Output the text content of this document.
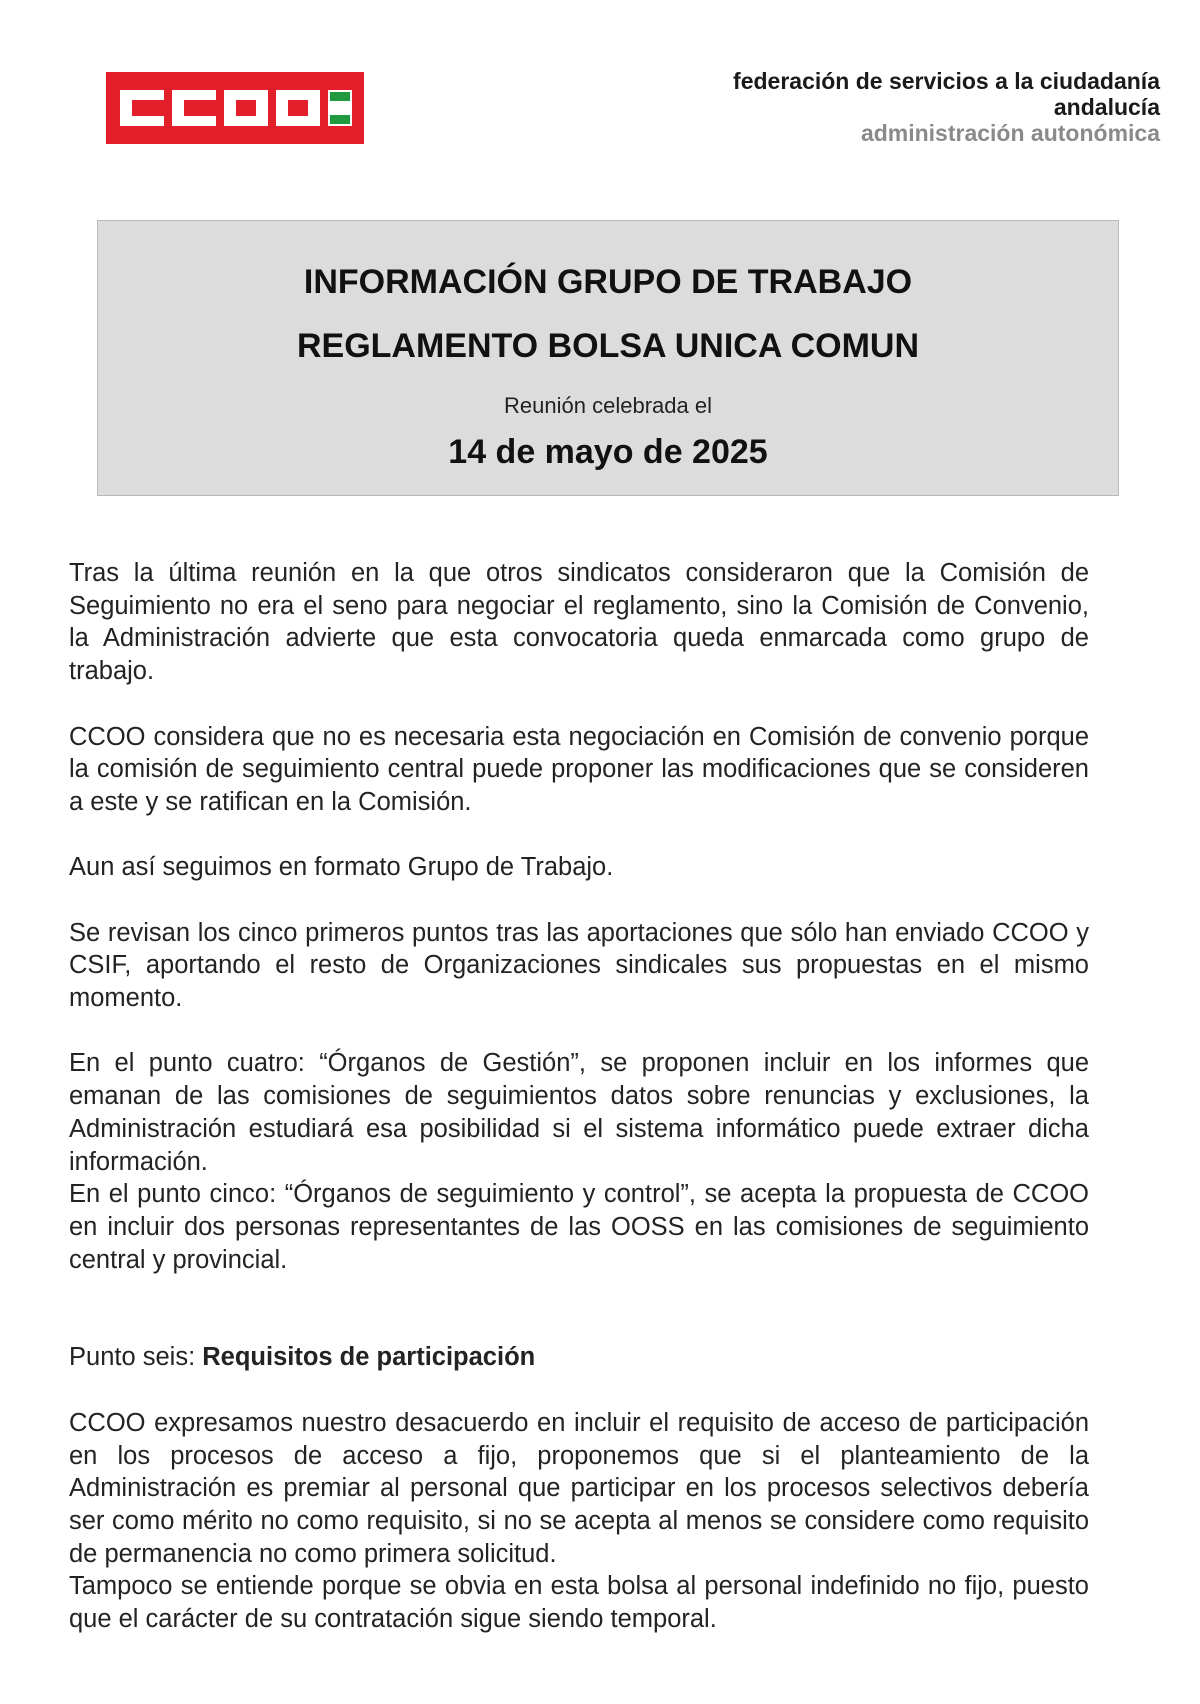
federación de servicios a la ciudadanía
andalucía
administración autonómica
INFORMACIÓN GRUPO DE TRABAJO
REGLAMENTO BOLSA UNICA COMUN
Reunión celebrada el
14 de mayo de 2025

Tras la última reunión en la que otros sindicatos consideraron que la Comisión de Seguimiento no era el seno para negociar el reglamento, sino la Comisión de Convenio, la Administración advierte que esta convocatoria queda enmarcada como grupo de trabajo.

CCOO considera que no es necesaria esta negociación en Comisión de convenio porque la comisión de seguimiento central puede proponer las modificaciones que se consideren a este y se ratifican en la Comisión.

Aun así seguimos en formato Grupo de Trabajo.

Se revisan los cinco primeros puntos tras las aportaciones que sólo han enviado CCOO y CSIF, aportando el resto de Organizaciones sindicales sus propuestas en el mismo momento.

En el punto cuatro: “Órganos de Gestión”, se proponen incluir en los informes que emanan de las comisiones de seguimientos datos sobre renuncias y exclusiones, la Administración estudiará esa posibilidad si el sistema informático puede extraer dicha información.

En el punto cinco: “Órganos de seguimiento y control”, se acepta la propuesta de CCOO en incluir dos personas representantes de las OOSS en las comisiones de seguimiento central y provincial.

Punto seis: Requisitos de participación

CCOO expresamos nuestro desacuerdo en incluir el requisito de acceso de participación en los procesos de acceso a fijo, proponemos que si el planteamiento de la Administración es premiar al personal que participar en los procesos selectivos debería ser como mérito no como requisito, si no se acepta al menos se considere como requisito de permanencia no como primera solicitud.

Tampoco se entiende porque se obvia en esta bolsa al personal indefinido no fijo, puesto que el carácter de su contratación sigue siendo temporal.
